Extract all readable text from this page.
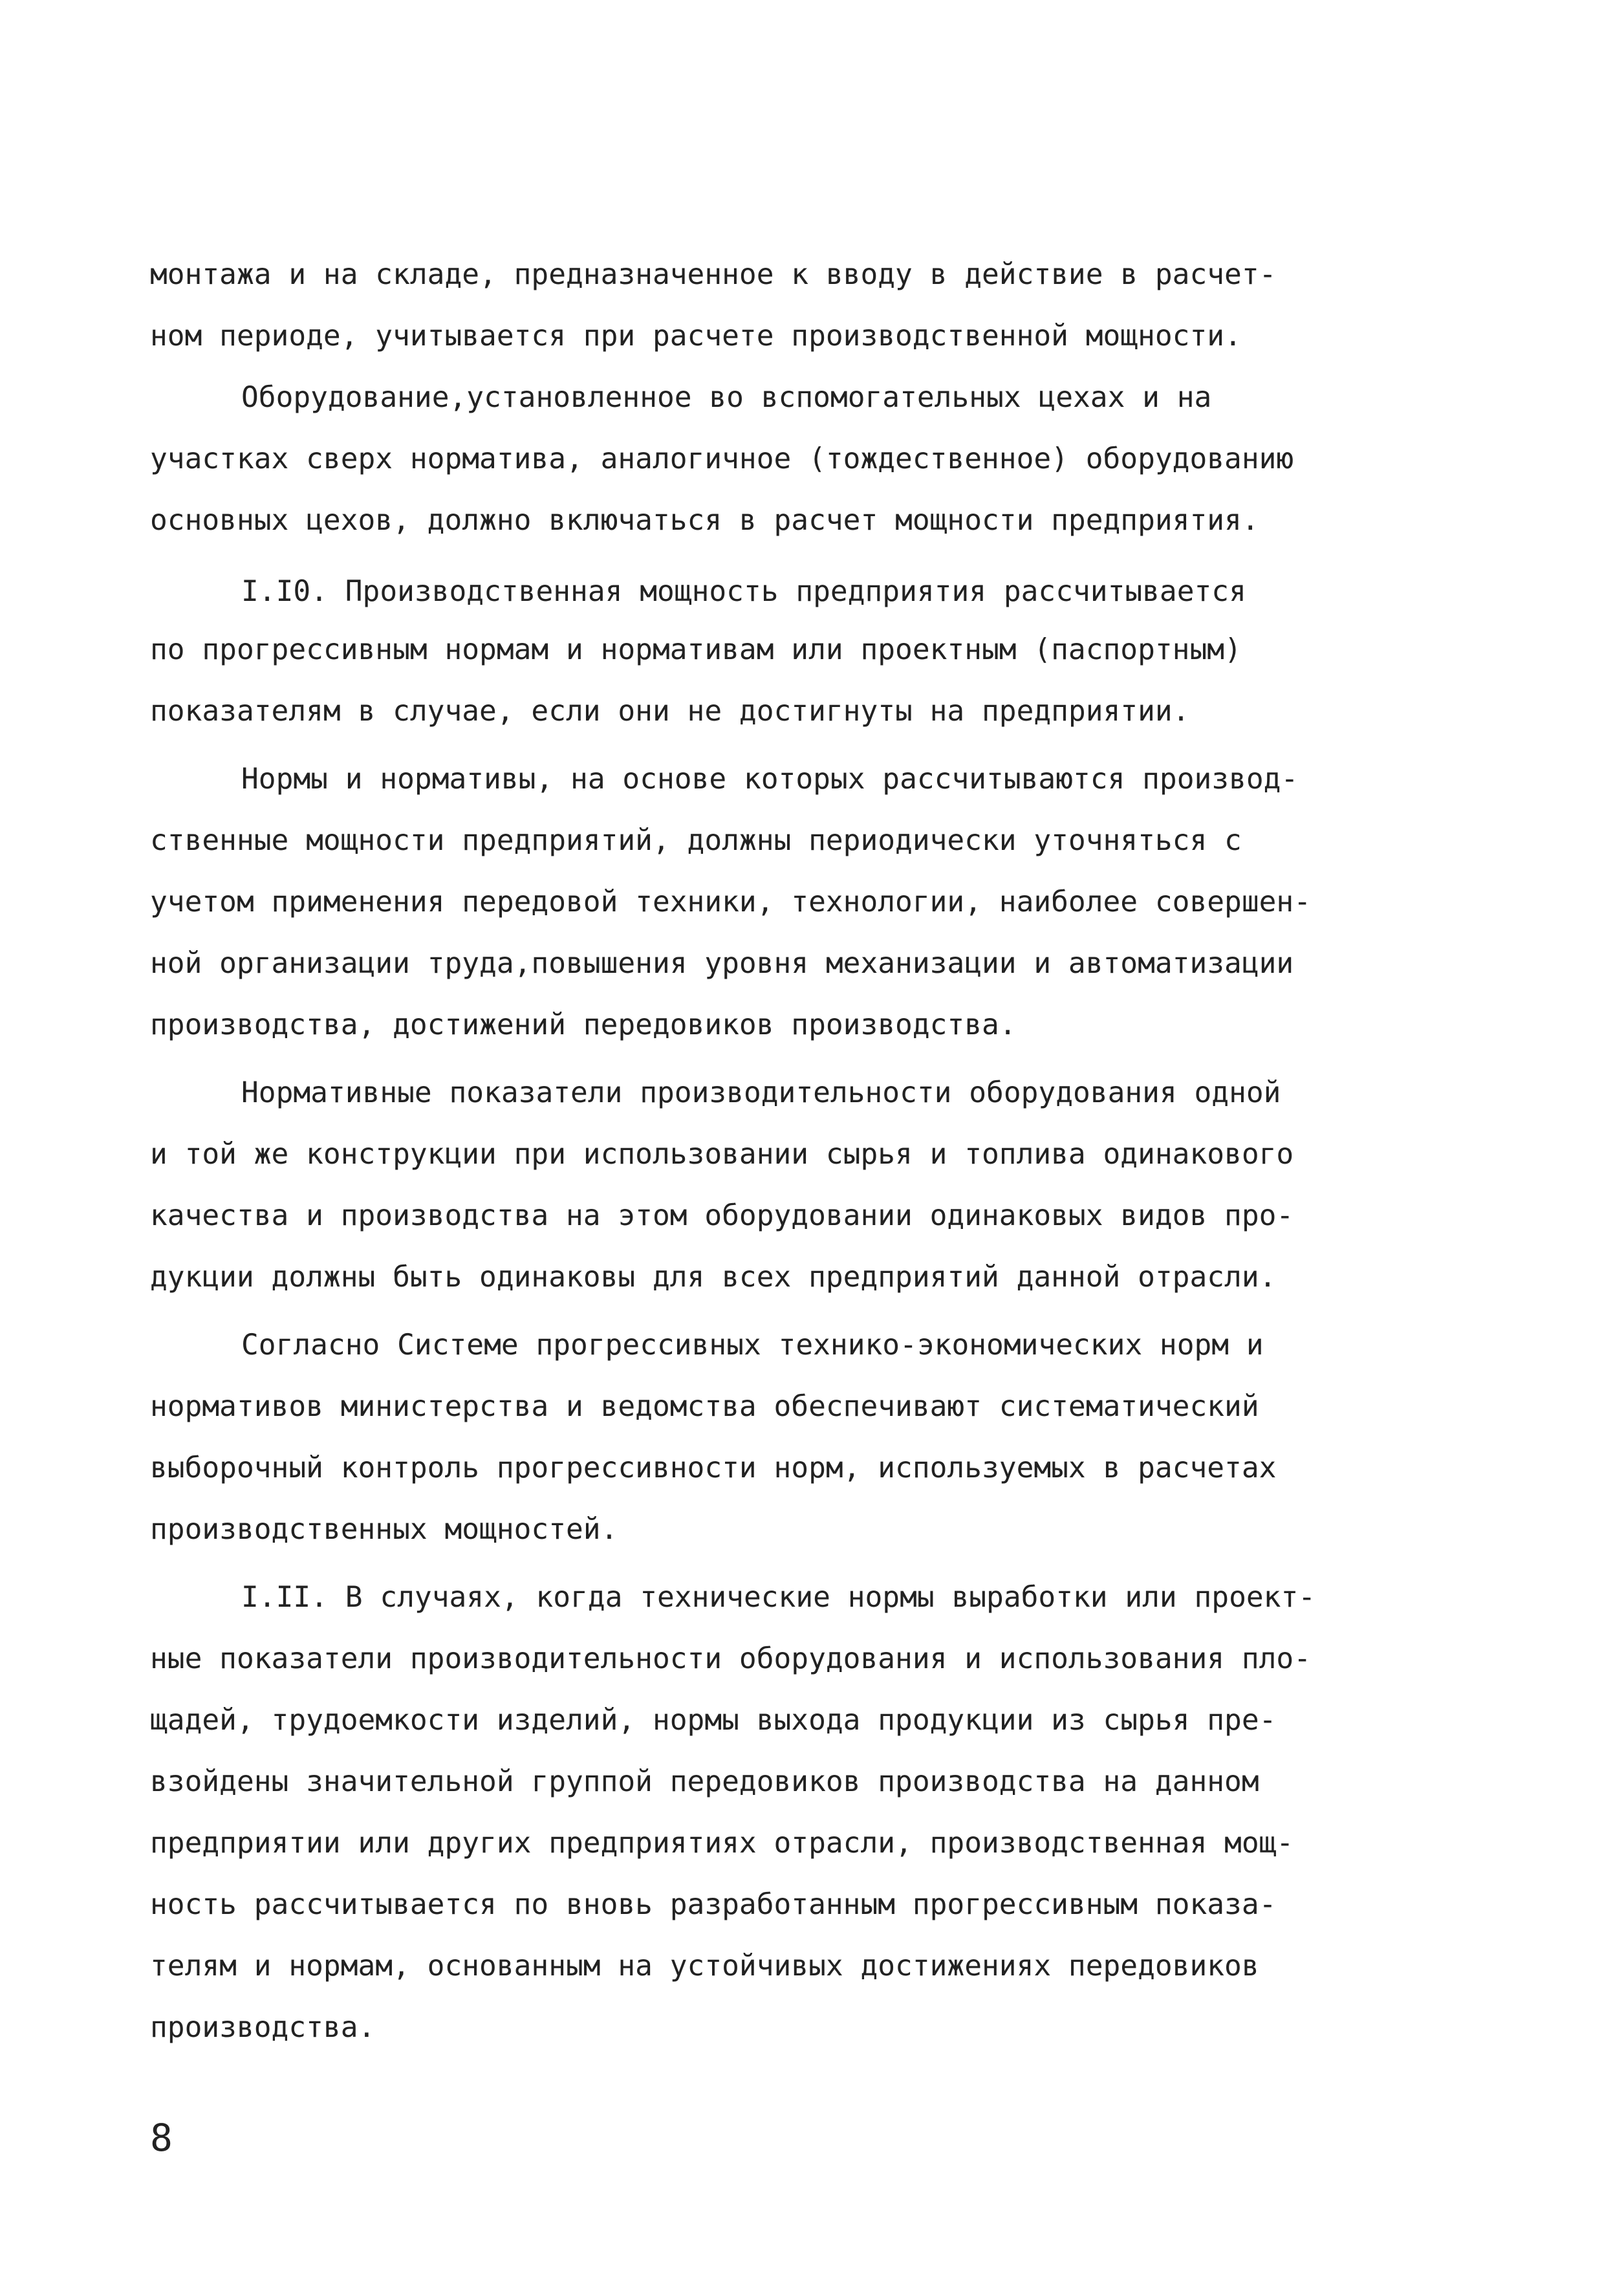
монтажа и на складе, предназначенное к вводу в действие в расчет-
ном периоде, учитывается при расчете производственной мощности.
Оборудование,установленное во вспомогательных цехах и на
участках сверх норматива, аналогичное (тождественное) оборудованию
основных цехов, должно включаться в расчет мощности предприятия.
I.I0. Производственная мощность предприятия рассчитывается
по прогрессивным нормам и нормативам или проектным (паспортным)
показателям в случае, если они не достигнуты на предприятии.
Нормы и нормативы, на основе которых рассчитываются производ-
ственные мощности предприятий, должны периодически уточняться с
учетом применения передовой техники, технологии, наиболее совершен-
ной организации труда,повышения уровня механизации и автоматизации
производства, достижений передовиков производства.
Нормативные показатели производительности оборудования одной
и той же конструкции при использовании сырья и топлива одинакового
качества и производства на этом оборудовании одинаковых видов про-
дукции должны быть одинаковы для всех предприятий данной отрасли.
Согласно Системе прогрессивных технико-экономических норм и
нормативов министерства и ведомства обеспечивают систематический
выборочный контроль прогрессивности норм, используемых в расчетах
производственных мощностей.
I.II. В случаях, когда технические нормы выработки или проект-
ные показатели производительности оборудования и использования пло-
щадей, трудоемкости изделий, нормы выхода продукции из сырья пре-
взойдены значительной группой передовиков производства на данном
предприятии или других предприятиях отрасли, производственная мощ-
ность рассчитывается по вновь разработанным прогрессивным показа-
телям и нормам, основанным на устойчивых достижениях передовиков
производства.
8
